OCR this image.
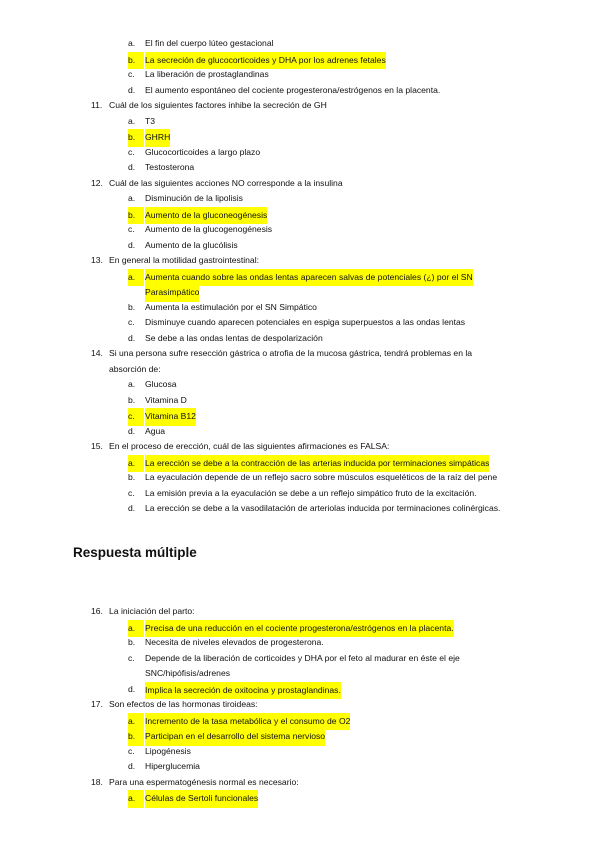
a. El fin del cuerpo lúteo gestacional
b.	La secreción de glucocorticoides y DHA por los adrenes fetales
c. La liberación de prostaglandinas
d. El aumento espontáneo del cociente progesterona/estrógenos en la placenta.
11. Cuál de los siguientes factores inhibe la secreción de GH
a. T3
b.	GHRH
c. Glucocorticoides a largo plazo
d. Testosterona
12. Cuál de las siguientes acciones NO corresponde a la insulina
a. Disminución de la lipolisis
b.	Aumento de la gluconeogénesis
c. Aumento de la glucogenogénesis
d. Aumento de la glucólisis
13. En general la motilidad gastrointestinal:
a.	Aumenta cuando sobre las ondas lentas aparecen salvas de potenciales (¿) por el SN
Parasimpático
b. Aumenta la estimulación por el SN Simpático
c. Disminuye cuando aparecen potenciales en espiga superpuestos a las ondas lentas
d. Se debe a las ondas lentas de despolarización
14. Si una persona sufre resección gástrica o atrofia de la mucosa gástrica, tendrá problemas en la
absorción de:
a. Glucosa
b. Vitamina D
c.	Vitamina B12
d. Agua
15. En el proceso de erección, cuál de las siguientes afirmaciones es FALSA:
a.	La erección se debe a la contracción de las arterias inducida por terminaciones simpáticas
b. La eyaculación depende de un reflejo sacro sobre músculos esqueléticos de la raíz del pene
c. La emisión previa a la eyaculación se debe a un reflejo simpático fruto de la excitación.
d. La erección se debe a la vasodilatación de arteriolas inducida por terminaciones colinérgicas.
Respuesta múltiple
16. La iniciación del parto:
a.	Precisa de una reducción en el cociente progesterona/estrógenos en la placenta.
b. Necesita de niveles elevados de progesterona.
c. Depende de la liberación de corticoides y DHA por el feto al madurar en éste el eje
SNC/hipófisis/adrenes
d. Implica la secreción de oxitocina y prostaglandinas.
17. Son efectos de las hormonas tiroideas:
a.	Incremento de la tasa metabólica y el consumo de O2
b.	Participan en el desarrollo del sistema nervioso
c. Lipogénesis
d. Hiperglucemia
18. Para una espermatogénesis normal es necesario:
a.	Células de Sertoli funcionales
